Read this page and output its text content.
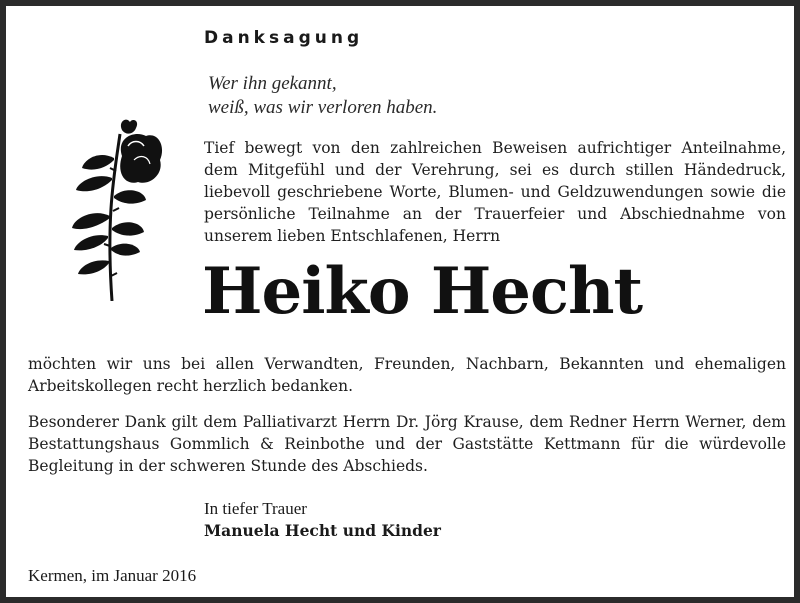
Danksagung
Wer ihn gekannt,
weiß, was wir verloren haben.

Tief bewegt von den zahlreichen Beweisen aufrichtiger Anteilnahme, dem Mitgefühl und der Verehrung, sei es durch stillen Händedruck, liebevoll geschriebene Worte, Blumen- und Geldzuwendungen sowie die persönliche Teilnahme an der Trauerfeier und Abschiednahme von unserem lieben Entschlafenen, Herrn

Heiko Hecht

möchten wir uns bei allen Verwandten, Freunden, Nachbarn, Bekannten und ehemaligen Arbeitskollegen recht herzlich bedanken.

Besonderer Dank gilt dem Palliativarzt Herrn Dr. Jörg Krause, dem Redner Herrn Werner, dem Bestattungshaus Gommlich & Reinbothe und der Gaststätte Kettmann für die würdevolle Begleitung in der schweren Stunde des Abschieds.

In tiefer Trauer
Manuela Hecht und Kinder
Kermen, im Januar 2016
